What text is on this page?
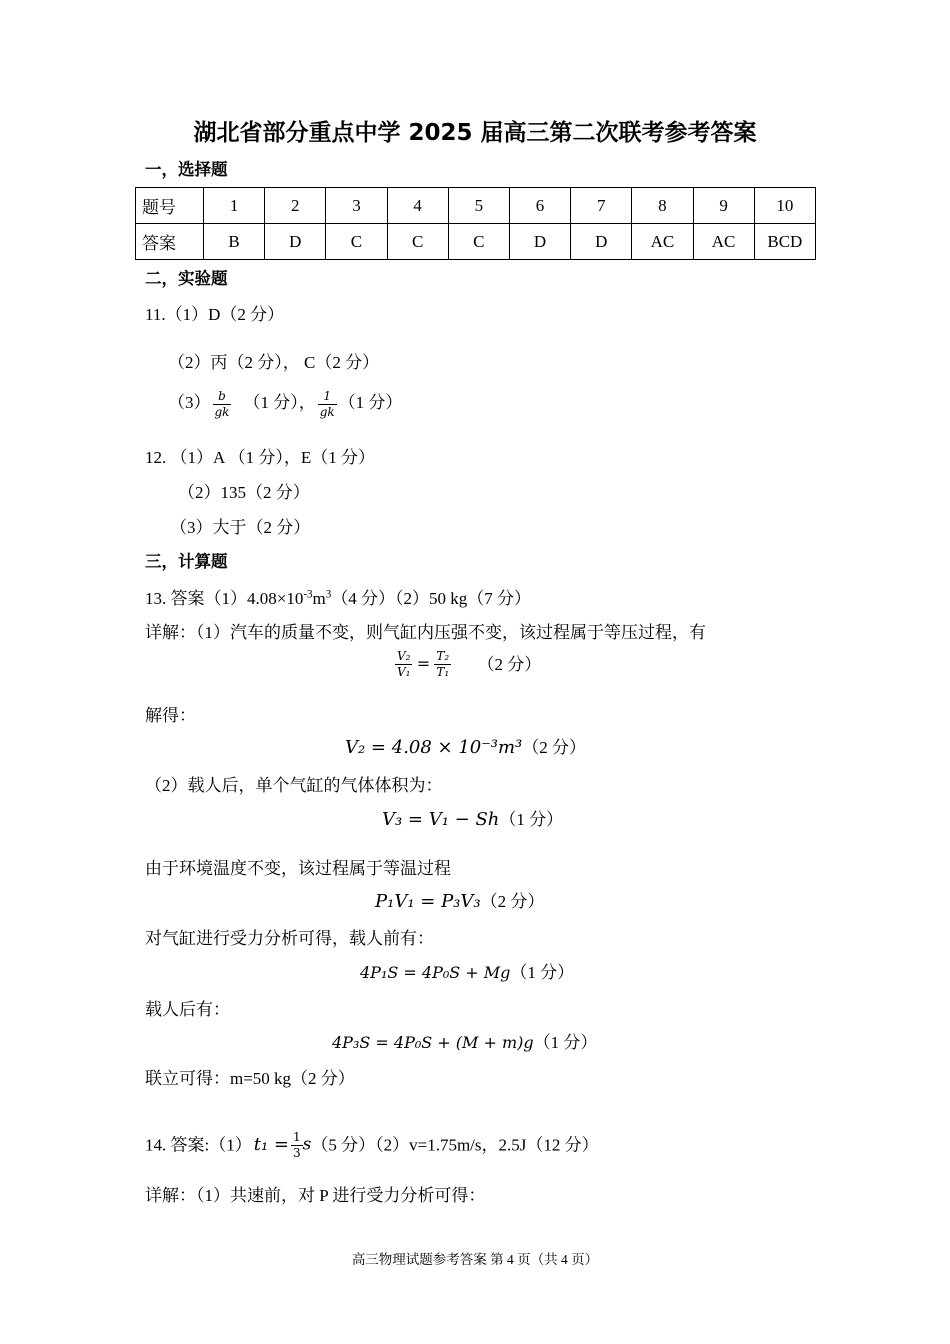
湖北省部分重点中学 2025 届高三第二次联考参考答案
一，选择题
题号	1	2	3	4	5	6	7	8	9	10
答案	B	D	C	C	C	D	D	AC	AC	BCD
二，实验题
11.（1）D（2 分）
（2）丙（2 分）， C（2 分）
$(3) \frac{b}{gk} (1$ 分）， $\frac{1}{gk} (1$ 分）
12. （1）A （1 分），E（1 分）
（2）135（2 分）
（3）大于（2 分）
三，计算题
13. 答案$(1)4.08\times 10^{-3}m^3(4$ 分）（2）50 kg（7 分）
详解：（1）汽车的质量不变，则气缸内压强不变，该过程属于等压过程，有
$\frac{\text{V₂}}{\text{V₁}} = \frac{\text{T₂}}{\text{T₁}} (2$ 分）
解得：
V₂ = 4.08 × 10⁻³m³（2 分）
（2）载人后，单个气缸的气体体积为：
V₃ = V₁ − Sh（1 分）
由于环境温度不变，该过程属于等温过程
P₁V₁ = P₃V₃（2 分）
对气缸进行受力分析可得，载人前有：
4P₁S = 4P₀S + Mg（1 分）
载人后有：
4P₃S = 4P₀S + (M + m)g（1 分）
联立可得：m=50 kg（2 分）
14. 答案:（1） $t_1 = \frac{1}{3} s(5$ 分）（2）v=1.75m/s，2.5J（12 分）
详解：（1）共速前，对 P 进行受力分析可得：
高三物理试题参考答案 第 4 页（共 4 页）
